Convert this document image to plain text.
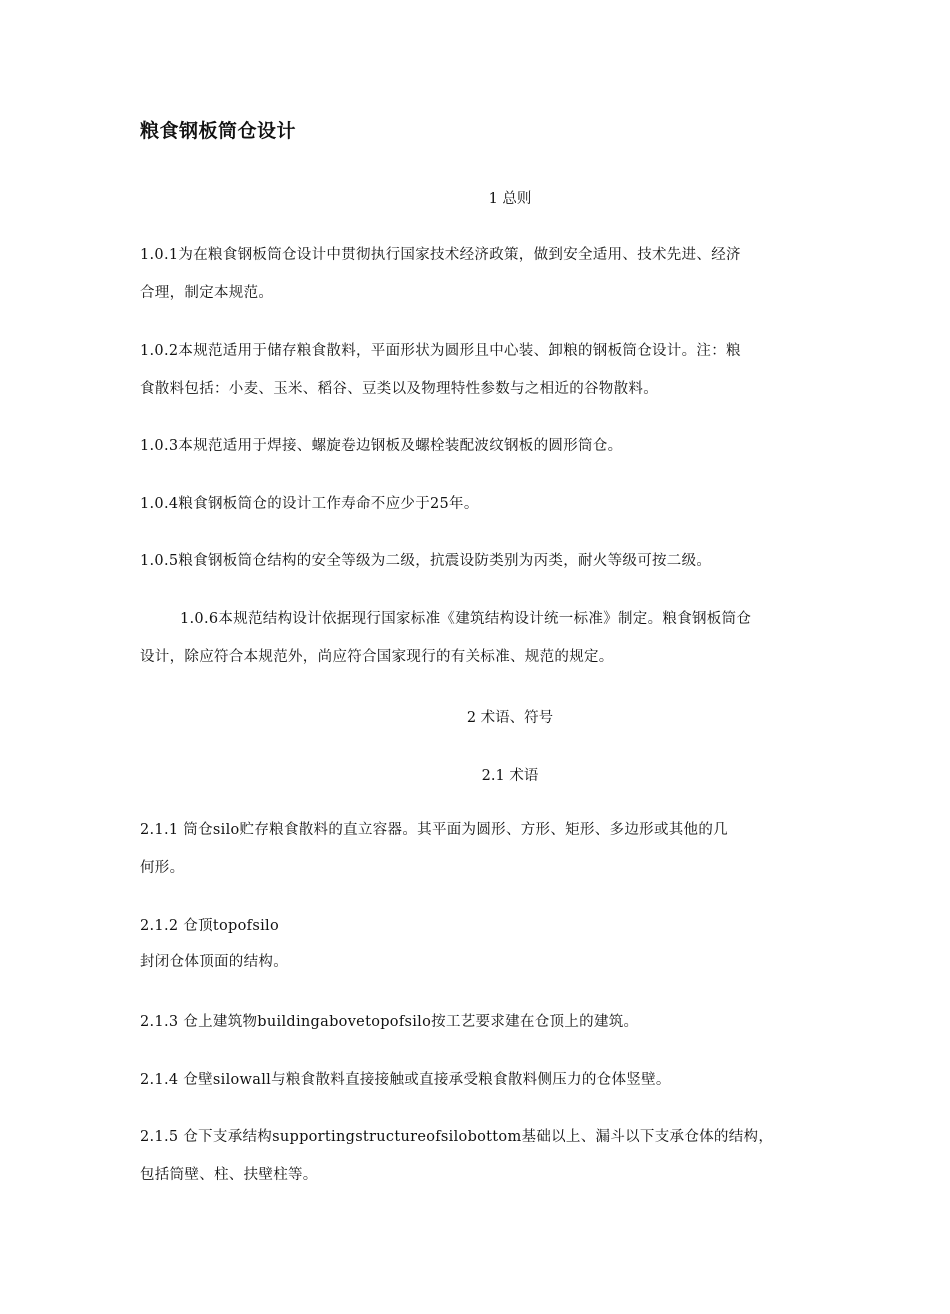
粮食钢板筒仓设计

1 总则

1.0.1为在粮食钢板筒仓设计中贯彻执行国家技术经济政策，做到安全适用、技术先进、经济
合理，制定本规范。

1.0.2本规范适用于储存粮食散料，平面形状为圆形且中心装、卸粮的钢板筒仓设计。注：粮
食散料包括：小麦、玉米、稻谷、豆类以及物理特性参数与之相近的谷物散料。

1.0.3本规范适用于焊接、螺旋卷边钢板及螺栓装配波纹钢板的圆形筒仓。

1.0.4粮食钢板筒仓的设计工作寿命不应少于25年。

1.0.5粮食钢板筒仓结构的安全等级为二级，抗震设防类别为丙类，耐火等级可按二级。

1.0.6本规范结构设计依据现行国家标准《建筑结构设计统一标准》制定。粮食钢板筒仓
设计，除应符合本规范外，尚应符合国家现行的有关标准、规范的规定。

2 术语、符号

2.1 术语

2.1.1 筒仓silo贮存粮食散料的直立容器。其平面为圆形、方形、矩形、多边形或其他的几
何形。

2.1.2 仓顶topofsilo
封闭仓体顶面的结构。

2.1.3 仓上建筑物buildingabovetopofsilo按工艺要求建在仓顶上的建筑。

2.1.4 仓壁silowall与粮食散料直接接触或直接承受粮食散料侧压力的仓体竖壁。

2.1.5 仓下支承结构supportingstructureofsilobottom基础以上、漏斗以下支承仓体的结构，
包括筒壁、柱、扶壁柱等。
